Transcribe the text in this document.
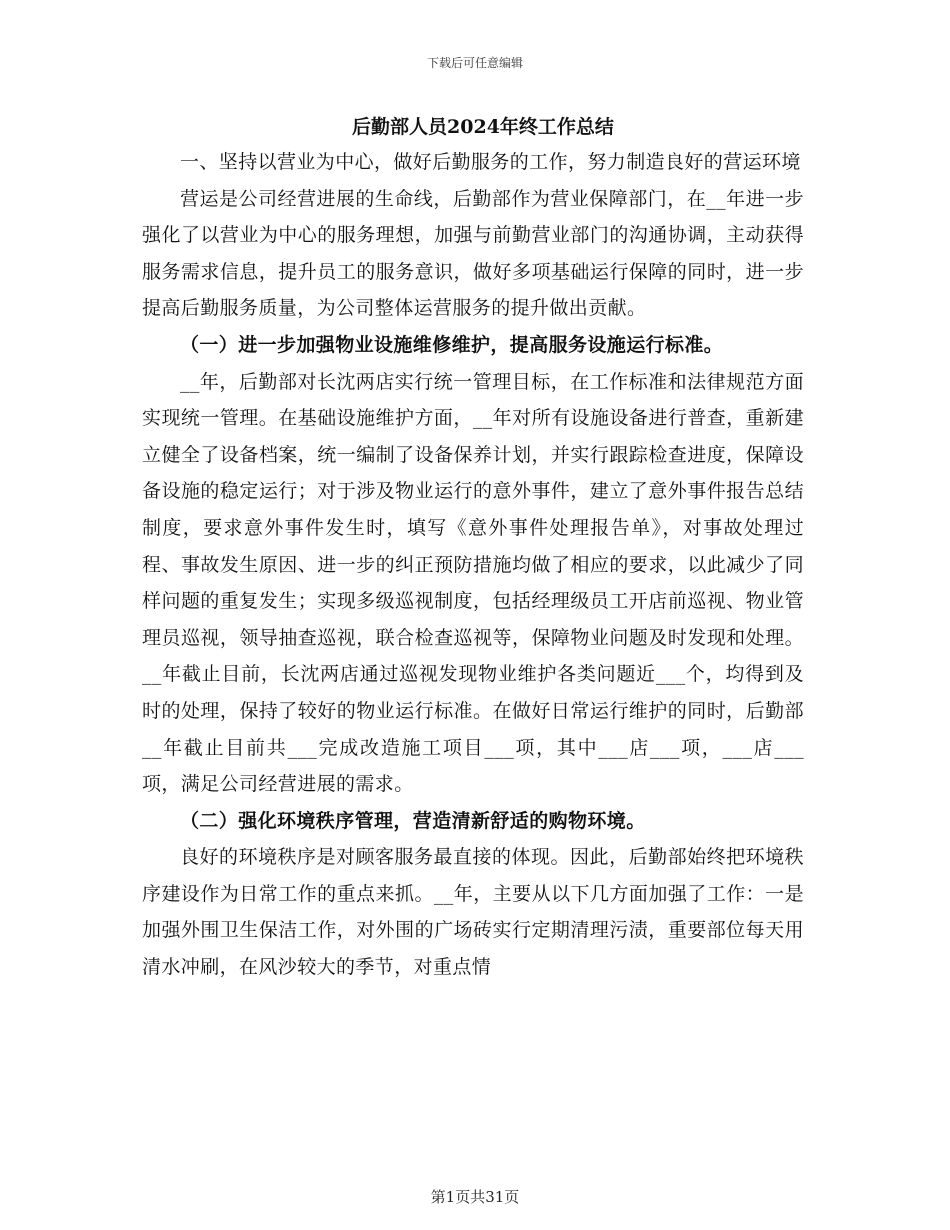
下载后可任意编辑
后勤部人员2024年终工作总结

一、坚持以营业为中心，做好后勤服务的工作，努力制造良好的营运环境

营运是公司经营进展的生命线，后勤部作为营业保障部门，在__年进一步强化了以营业为中心的服务理想，加强与前勤营业部门的沟通协调，主动获得服务需求信息，提升员工的服务意识，做好多项基础运行保障的同时，进一步提高后勤服务质量，为公司整体运营服务的提升做出贡献。

（一）进一步加强物业设施维修维护，提高服务设施运行标准。

__年，后勤部对长沈两店实行统一管理目标，在工作标准和法律规范方面实现统一管理。在基础设施维护方面，__年对所有设施设备进行普查，重新建立健全了设备档案，统一编制了设备保养计划，并实行跟踪检查进度，保障设备设施的稳定运行；对于涉及物业运行的意外事件，建立了意外事件报告总结制度，要求意外事件发生时，填写《意外事件处理报告单》，对事故处理过程、事故发生原因、进一步的纠正预防措施均做了相应的要求，以此减少了同样问题的重复发生；实现多级巡视制度，包括经理级员工开店前巡视、物业管理员巡视，领导抽查巡视，联合检查巡视等，保障物业问题及时发现和处理。__年截止目前，长沈两店通过巡视发现物业维护各类问题近___个，均得到及时的处理，保持了较好的物业运行标准。在做好日常运行维护的同时，后勤部__年截止目前共___完成改造施工项目___项，其中___店___项，___店___项，满足公司经营进展的需求。

（二）强化环境秩序管理，营造清新舒适的购物环境。

良好的环境秩序是对顾客服务最直接的体现。因此，后勤部始终把环境秩序建设作为日常工作的重点来抓。__年，主要从以下几方面加强了工作：一是加强外围卫生保洁工作，对外围的广场砖实行定期清理污渍，重要部位每天用清水冲刷，在风沙较大的季节，对重点情

第1页共31页
